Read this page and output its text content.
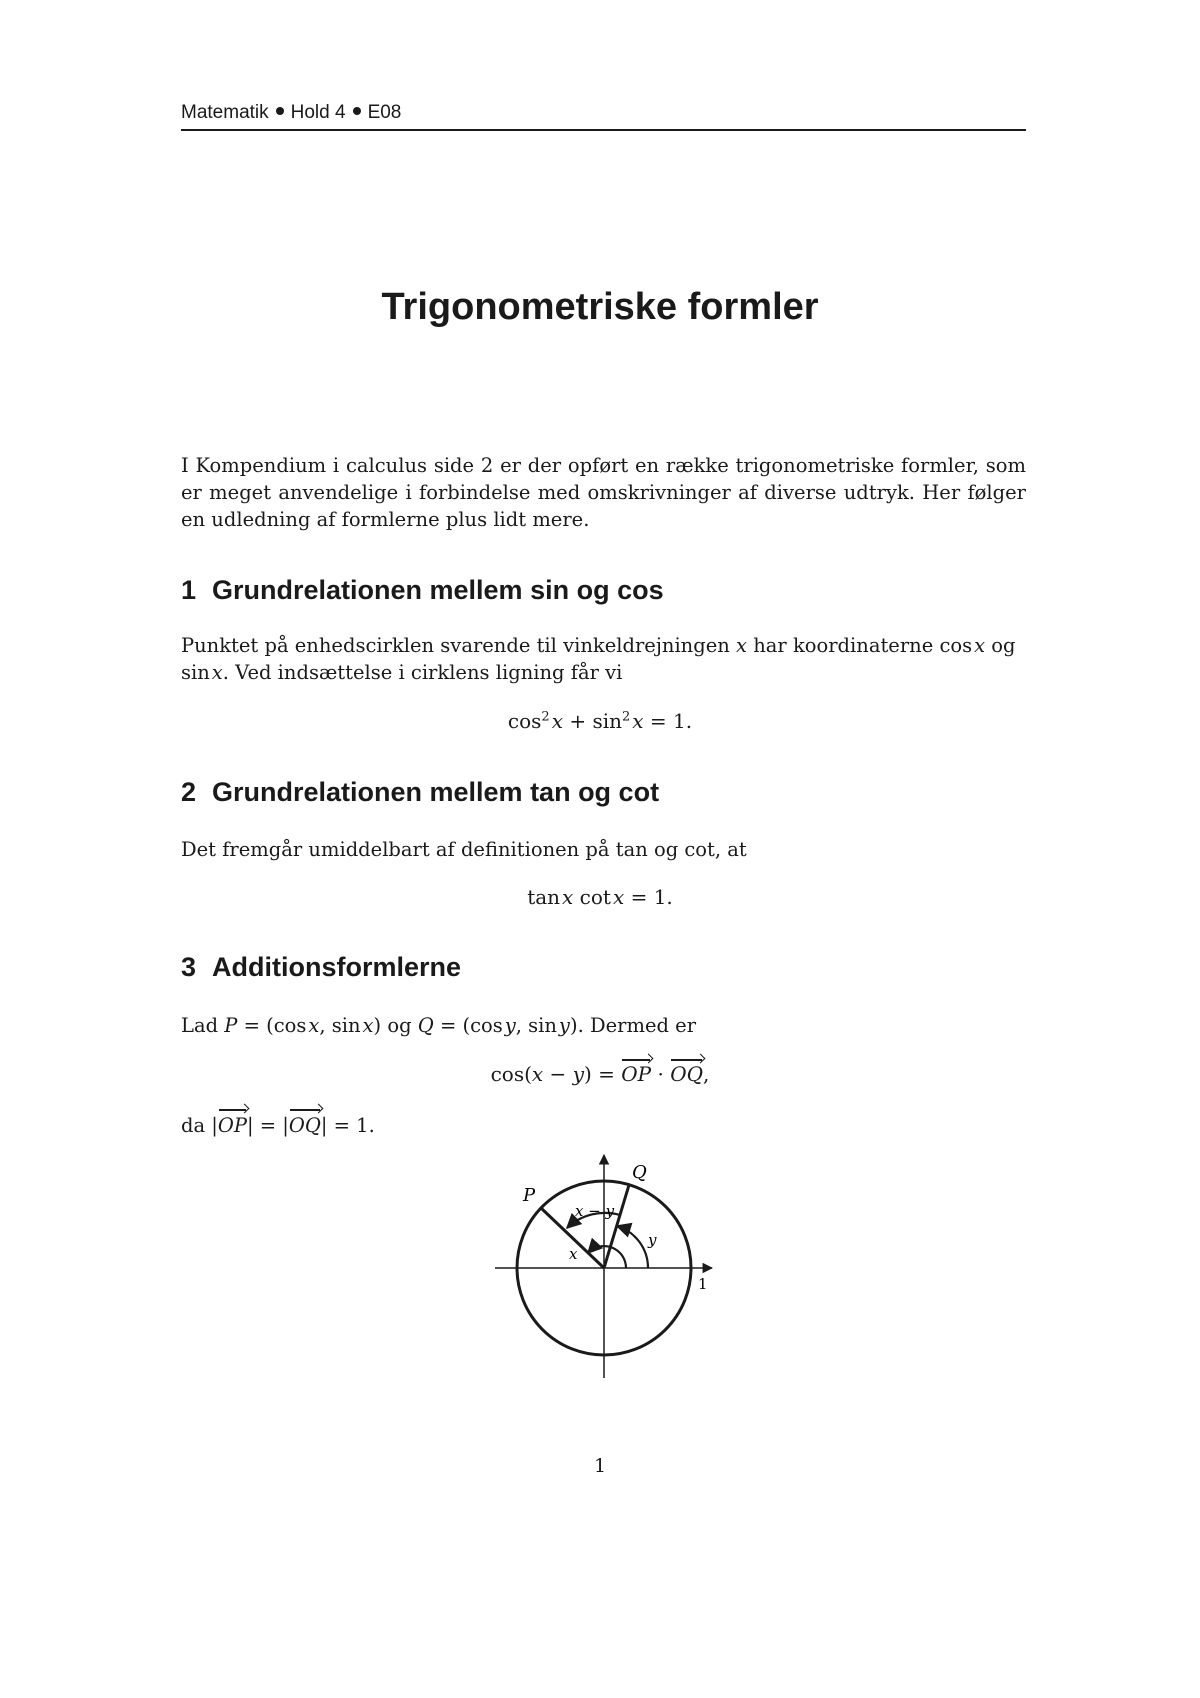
Matematik Hold 4 E08
Trigonometriske formler
I Kompendium i calculus side 2 er der opført en række trigonometriske formler, som er meget anvendelige i forbindelse med omskrivninger af diverse udtryk. Her følger en udledning af formlerne plus lidt mere.
1 Grundrelationen mellem sin og cos
Punktet på enhedscirklen svarende til vinkeldrejningen x har koordinaterne cos x og
sin x. Ved indsættelse i cirklens ligning får vi
$\cos^2$  $x + \sin^2$  x = 1.
2 Grundrelationen mellem tan og cot
Det fremgår umiddelbart af definitionen på tan og cot, at
tan x cot x = 1.
3 Additionsformlerne
Lad P = (cos x, sin x) og Q = (cos y, sin y). Dermed er
cos(x − y) = OP · OQ,
da |OP| = |OQ| = 1.
P
Q
x − y
y
x
1
1
